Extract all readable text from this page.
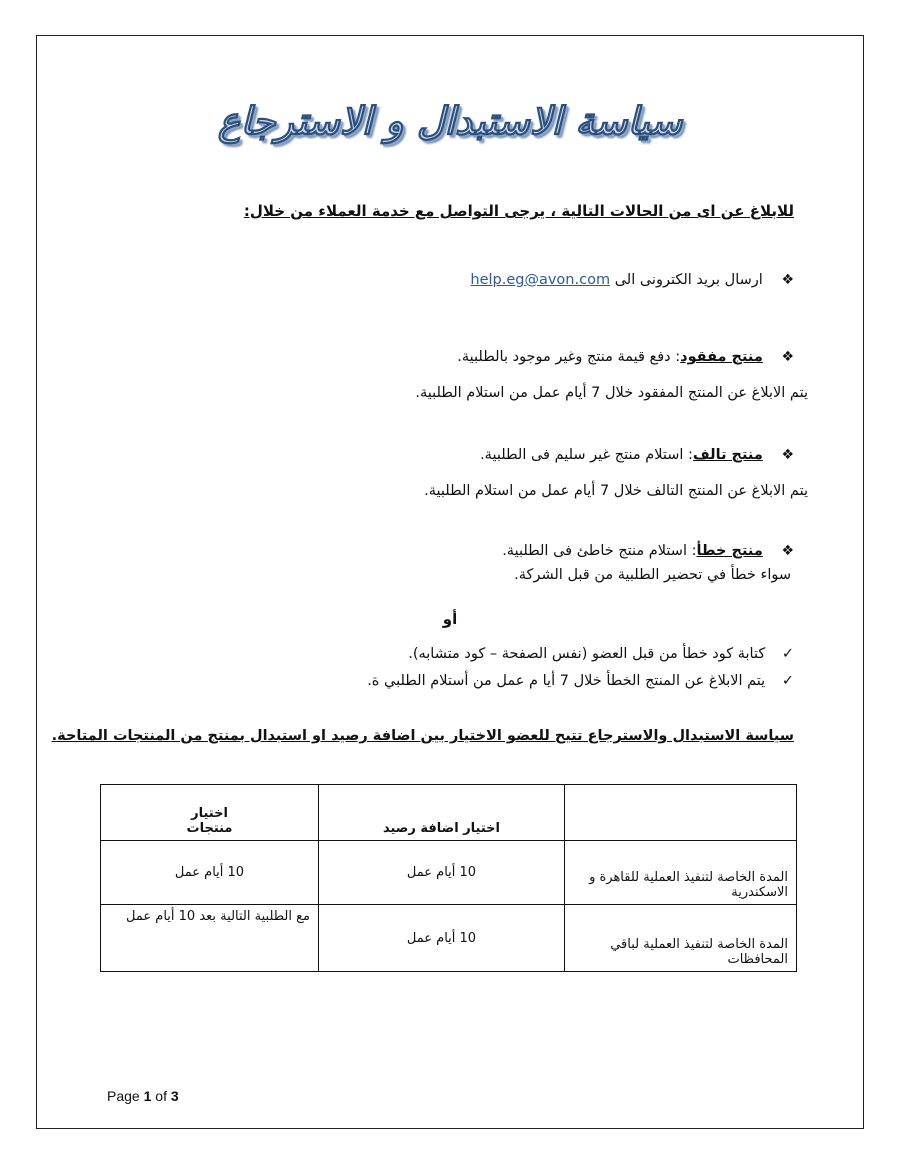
سياسة الاستبدال و الاسترجاع
للابلاغ عن اى من الحالات التالية ، يرجى التواصل مع خدمة العملاء من خلال:
❖ ارسال بريد الكترونى الى help.eg@avon.com
❖ منتج مفقود: دفع قيمة منتج وغير موجود بالطلبية.
يتم الابلاغ عن المنتج المفقود خلال 7 أيام عمل من استلام الطلبية.
❖ منتج تالف: استلام منتج غير سليم فى الطلبية.
يتم الابلاغ عن المنتج التالف خلال 7 أيام عمل من استلام الطلبية.
❖ منتج خطأ: استلام منتج خاطئ فى الطلبية.
سواء خطأ في تحضير الطلبية من قبل الشركة.
أو
✓ كتابة كود خطأ من قبل العضو (نفس الصفحة – كود متشابه).
✓ يتم الابلاغ عن المنتج الخطأ خلال 7 أيا م عمل من أستلام الطلبي ة.
سياسة الاستبدال والاسترجاع تتيح للعضو الاختيار بين اضافة رصيد او استبدال بمنتج من المنتجات المتاحة.
	اختيار اضافة رصيد	اختيار
منتجات
المدة الخاصة لتنفيذ العملية للقاهرة و الاسكندرية	10 أيام عمل	10 أيام عمل
المدة الخاصة لتنفيذ العملية لباقي المحافظات	10 أيام عمل	مع الطلبية التالية بعد 10 أيام عمل
Page 1 of 3
